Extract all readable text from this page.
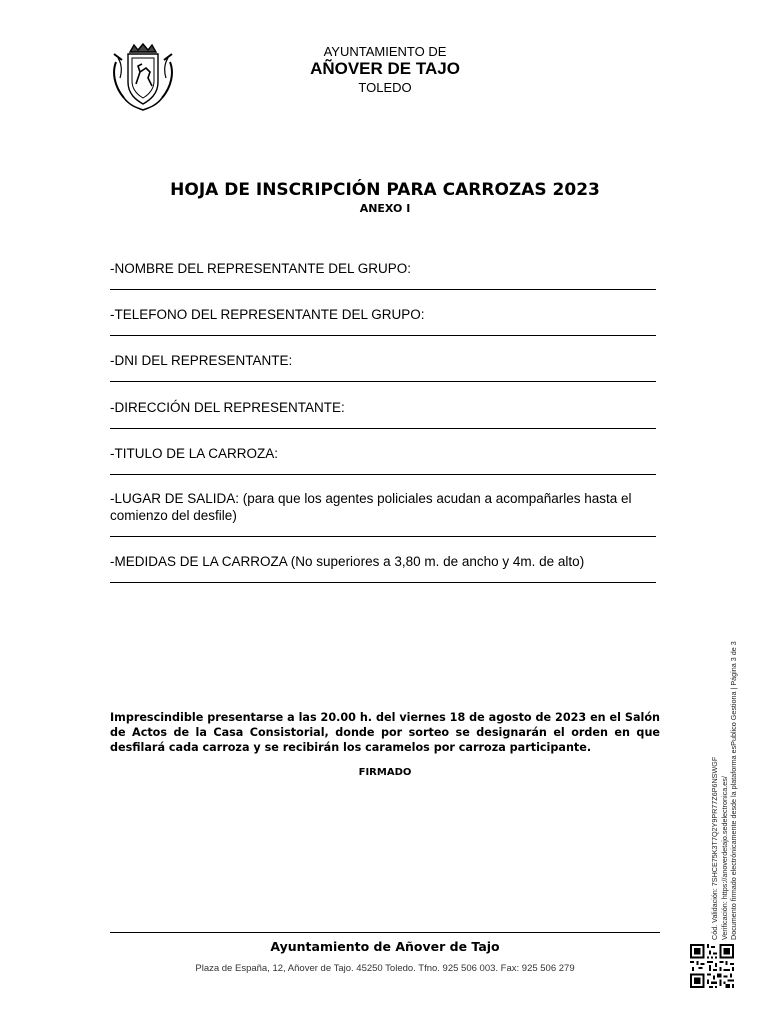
AYUNTAMIENTO DE
AÑOVER DE TAJO
TOLEDO
HOJA DE INSCRIPCIÓN PARA CARROZAS 2023
ANEXO I
-NOMBRE DEL REPRESENTANTE DEL GRUPO:
-TELEFONO DEL REPRESENTANTE DEL GRUPO:
-DNI DEL REPRESENTANTE:
-DIRECCIÓN DEL REPRESENTANTE:
-TITULO DE LA CARROZA:
-LUGAR DE SALIDA: (para que los agentes policiales acudan a acompañarles hasta el comienzo del desfile)
-MEDIDAS DE LA CARROZA (No superiores a 3,80 m. de ancho y 4m. de alto)
Imprescindible presentarse a las 20.00 h. del viernes 18 de agosto de 2023 en el Salón de Actos de la Casa Consistorial, donde por sorteo se designarán el orden en que desfilará cada carroza y se recibirán los caramelos por carroza participante.
FIRMADO	Cód. Validación: 7SHCE75K3T7Q2Y9PR77Z6P6NSWGF Verificación: https://anoverdetajo.sedelectronica.es/ Documento firmado electrónicamente desde la plataforma esPublico Gestiona | Página 3 de 3
Ayuntamiento de Añover de Tajo
Plaza de España, 12, Añover de Tajo. 45250 Toledo. Tfno. 925 506 003. Fax: 925 506 279
